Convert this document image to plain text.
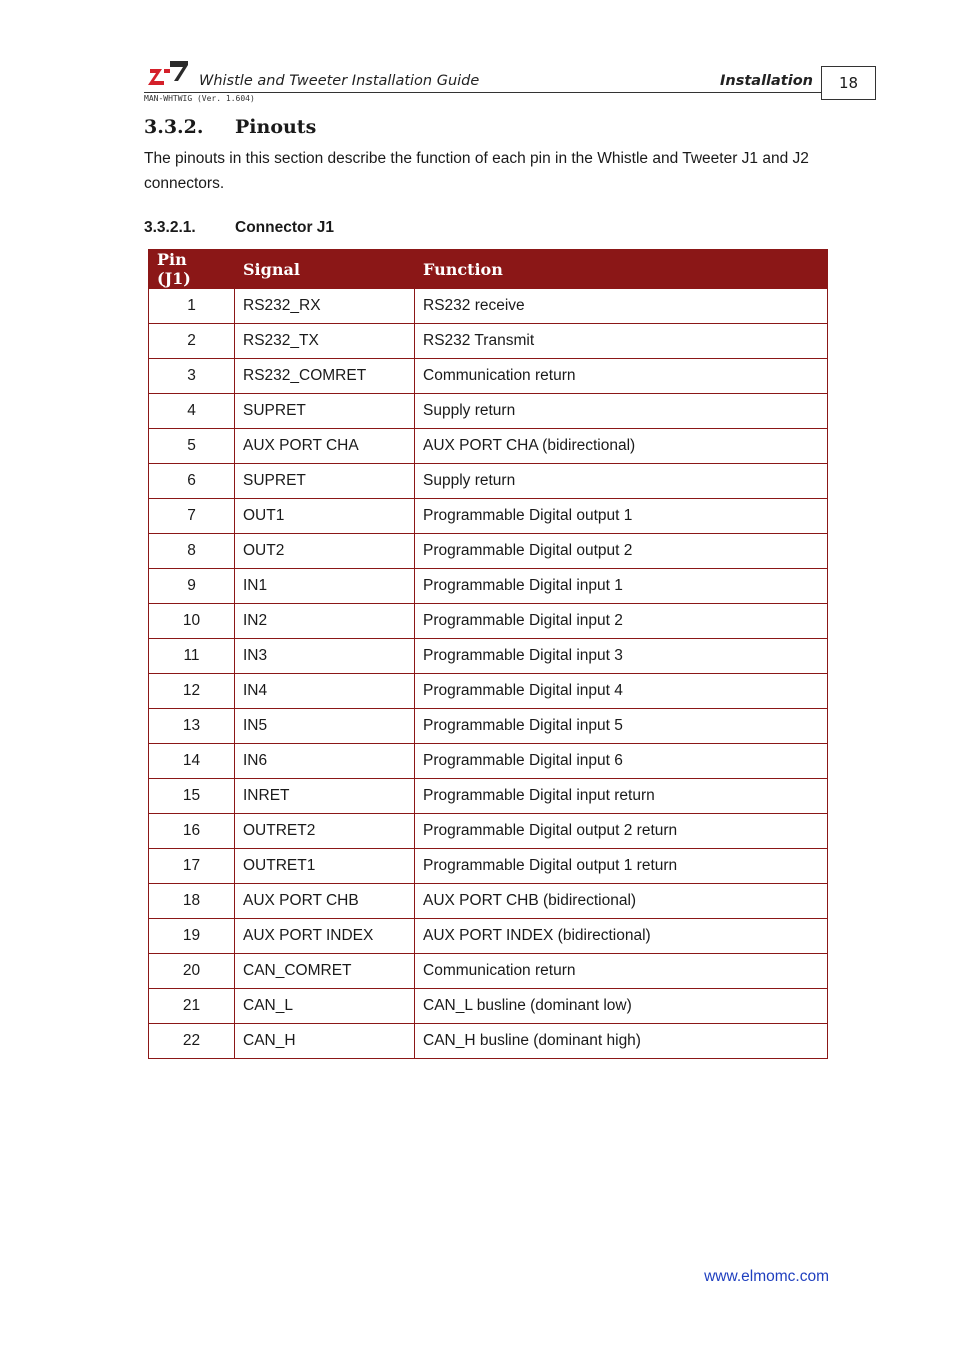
Whistle and Tweeter Installation Guide	Installation	18
MAN-WHTWIG (Ver. 1.604)
3.3.2. Pinouts
The pinouts in this section describe the function of each pin in the Whistle and Tweeter J1 and J2 connectors.
3.3.2.1.	Connector J1
Pin (J1)	Signal	Function
1	RS232_RX	RS232 receive
2	RS232_TX	RS232 Transmit
3	RS232_COMRET	Communication return
4	SUPRET	Supply return
5	AUX PORT CHA	AUX PORT CHA (bidirectional)
6	SUPRET	Supply return
7	OUT1	Programmable Digital output 1
8	OUT2	Programmable Digital output 2
9	IN1	Programmable Digital input 1
10	IN2	Programmable Digital input 2
11	IN3	Programmable Digital input 3
12	IN4	Programmable Digital input 4
13	IN5	Programmable Digital input 5
14	IN6	Programmable Digital input 6
15	INRET	Programmable Digital input return
16	OUTRET2	Programmable Digital output 2 return
17	OUTRET1	Programmable Digital output 1 return
18	AUX PORT CHB	AUX PORT CHB (bidirectional)
19	AUX PORT INDEX	AUX PORT INDEX (bidirectional)
20	CAN_COMRET	Communication return
21	CAN_L	CAN_L busline (dominant low)
22	CAN_H	CAN_H busline (dominant high)
www.elmomc.com
